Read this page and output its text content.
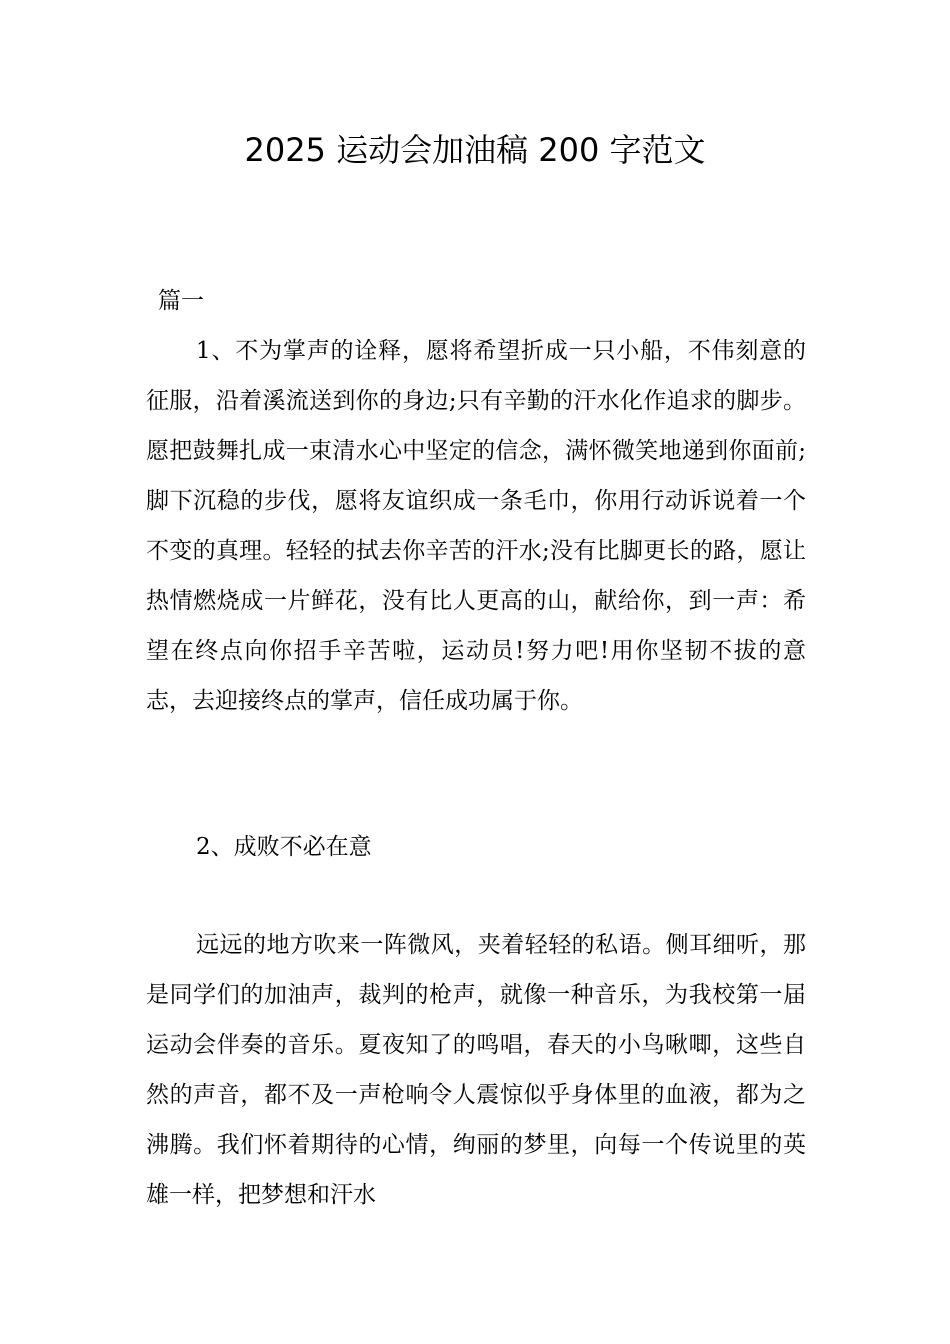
2025 运动会加油稿 200 字范文

篇一

1、不为掌声的诠释，愿将希望折成一只小船，不伟刻意的征服，沿着溪流送到你的身边;只有辛勤的汗水化作追求的脚步。愿把鼓舞扎成一束清水心中坚定的信念，满怀微笑地递到你面前;脚下沉稳的步伐，愿将友谊织成一条毛巾，你用行动诉说着一个不变的真理。轻轻的拭去你辛苦的汗水;没有比脚更长的路，愿让热情燃烧成一片鲜花，没有比人更高的山，献给你，到一声：希望在终点向你招手辛苦啦，运动员!努力吧!用你坚韧不拔的意志，去迎接终点的掌声，信任成功属于你。

2、成败不必在意

远远的地方吹来一阵微风，夹着轻轻的私语。侧耳细听，那是同学们的加油声，裁判的枪声，就像一种音乐，为我校第一届运动会伴奏的音乐。夏夜知了的鸣唱，春天的小鸟啾唧，这些自然的声音，都不及一声枪响令人震惊似乎身体里的血液，都为之沸腾。我们怀着期待的心情，绚丽的梦里，向每一个传说里的英雄一样，把梦想和汗水
